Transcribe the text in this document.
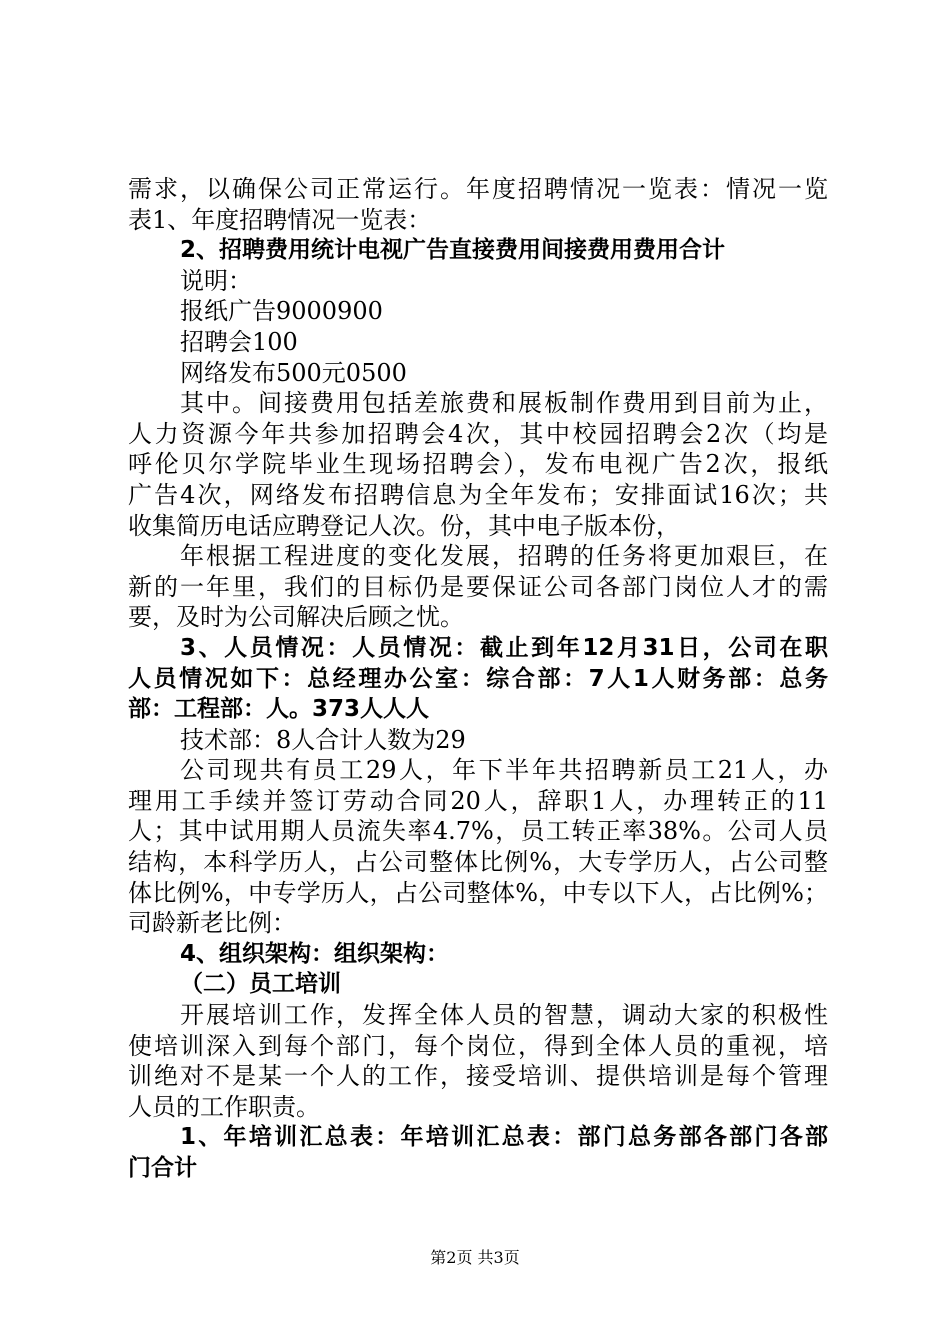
需求，以确保公司正常运行。年度招聘情况一览表：情况一览
表1、年度招聘情况一览表：
2、招聘费用统计电视广告直接费用间接费用费用合计
说明：
报纸广告9000900
招聘会100
网络发布500元0500
其中。间接费用包括差旅费和展板制作费用到目前为止，
人力资源今年共参加招聘会4次，其中校园招聘会2次（均是
呼伦贝尔学院毕业生现场招聘会），发布电视广告2次，报纸
广告4次，网络发布招聘信息为全年发布；安排面试16次；共
收集简历电话应聘登记人次。份，其中电子版本份，
年根据工程进度的变化发展，招聘的任务将更加艰巨，在
新的一年里，我们的目标仍是要保证公司各部门岗位人才的需
要，及时为公司解决后顾之忧。
3、人员情况：人员情况：截止到年12月31日，公司在职
人员情况如下：总经理办公室：综合部：7人1人财务部：总务
部：工程部：人。373人人人
技术部：8人合计人数为29
公司现共有员工29人，年下半年共招聘新员工21人，办
理用工手续并签订劳动合同20人，辞职1人，办理转正的11
人；其中试用期人员流失率4.7%，员工转正率38%。公司人员
结构，本科学历人，占公司整体比例%，大专学历人，占公司整
体比例%，中专学历人，占公司整体%，中专以下人，占比例%；
司龄新老比例：
4、组织架构：组织架构：
（二）员工培训
开展培训工作，发挥全体人员的智慧，调动大家的积极性
使培训深入到每个部门，每个岗位，得到全体人员的重视，培
训绝对不是某一个人的工作，接受培训、提供培训是每个管理
人员的工作职责。
1、年培训汇总表：年培训汇总表：部门总务部各部门各部
门合计
第2页 共3页
